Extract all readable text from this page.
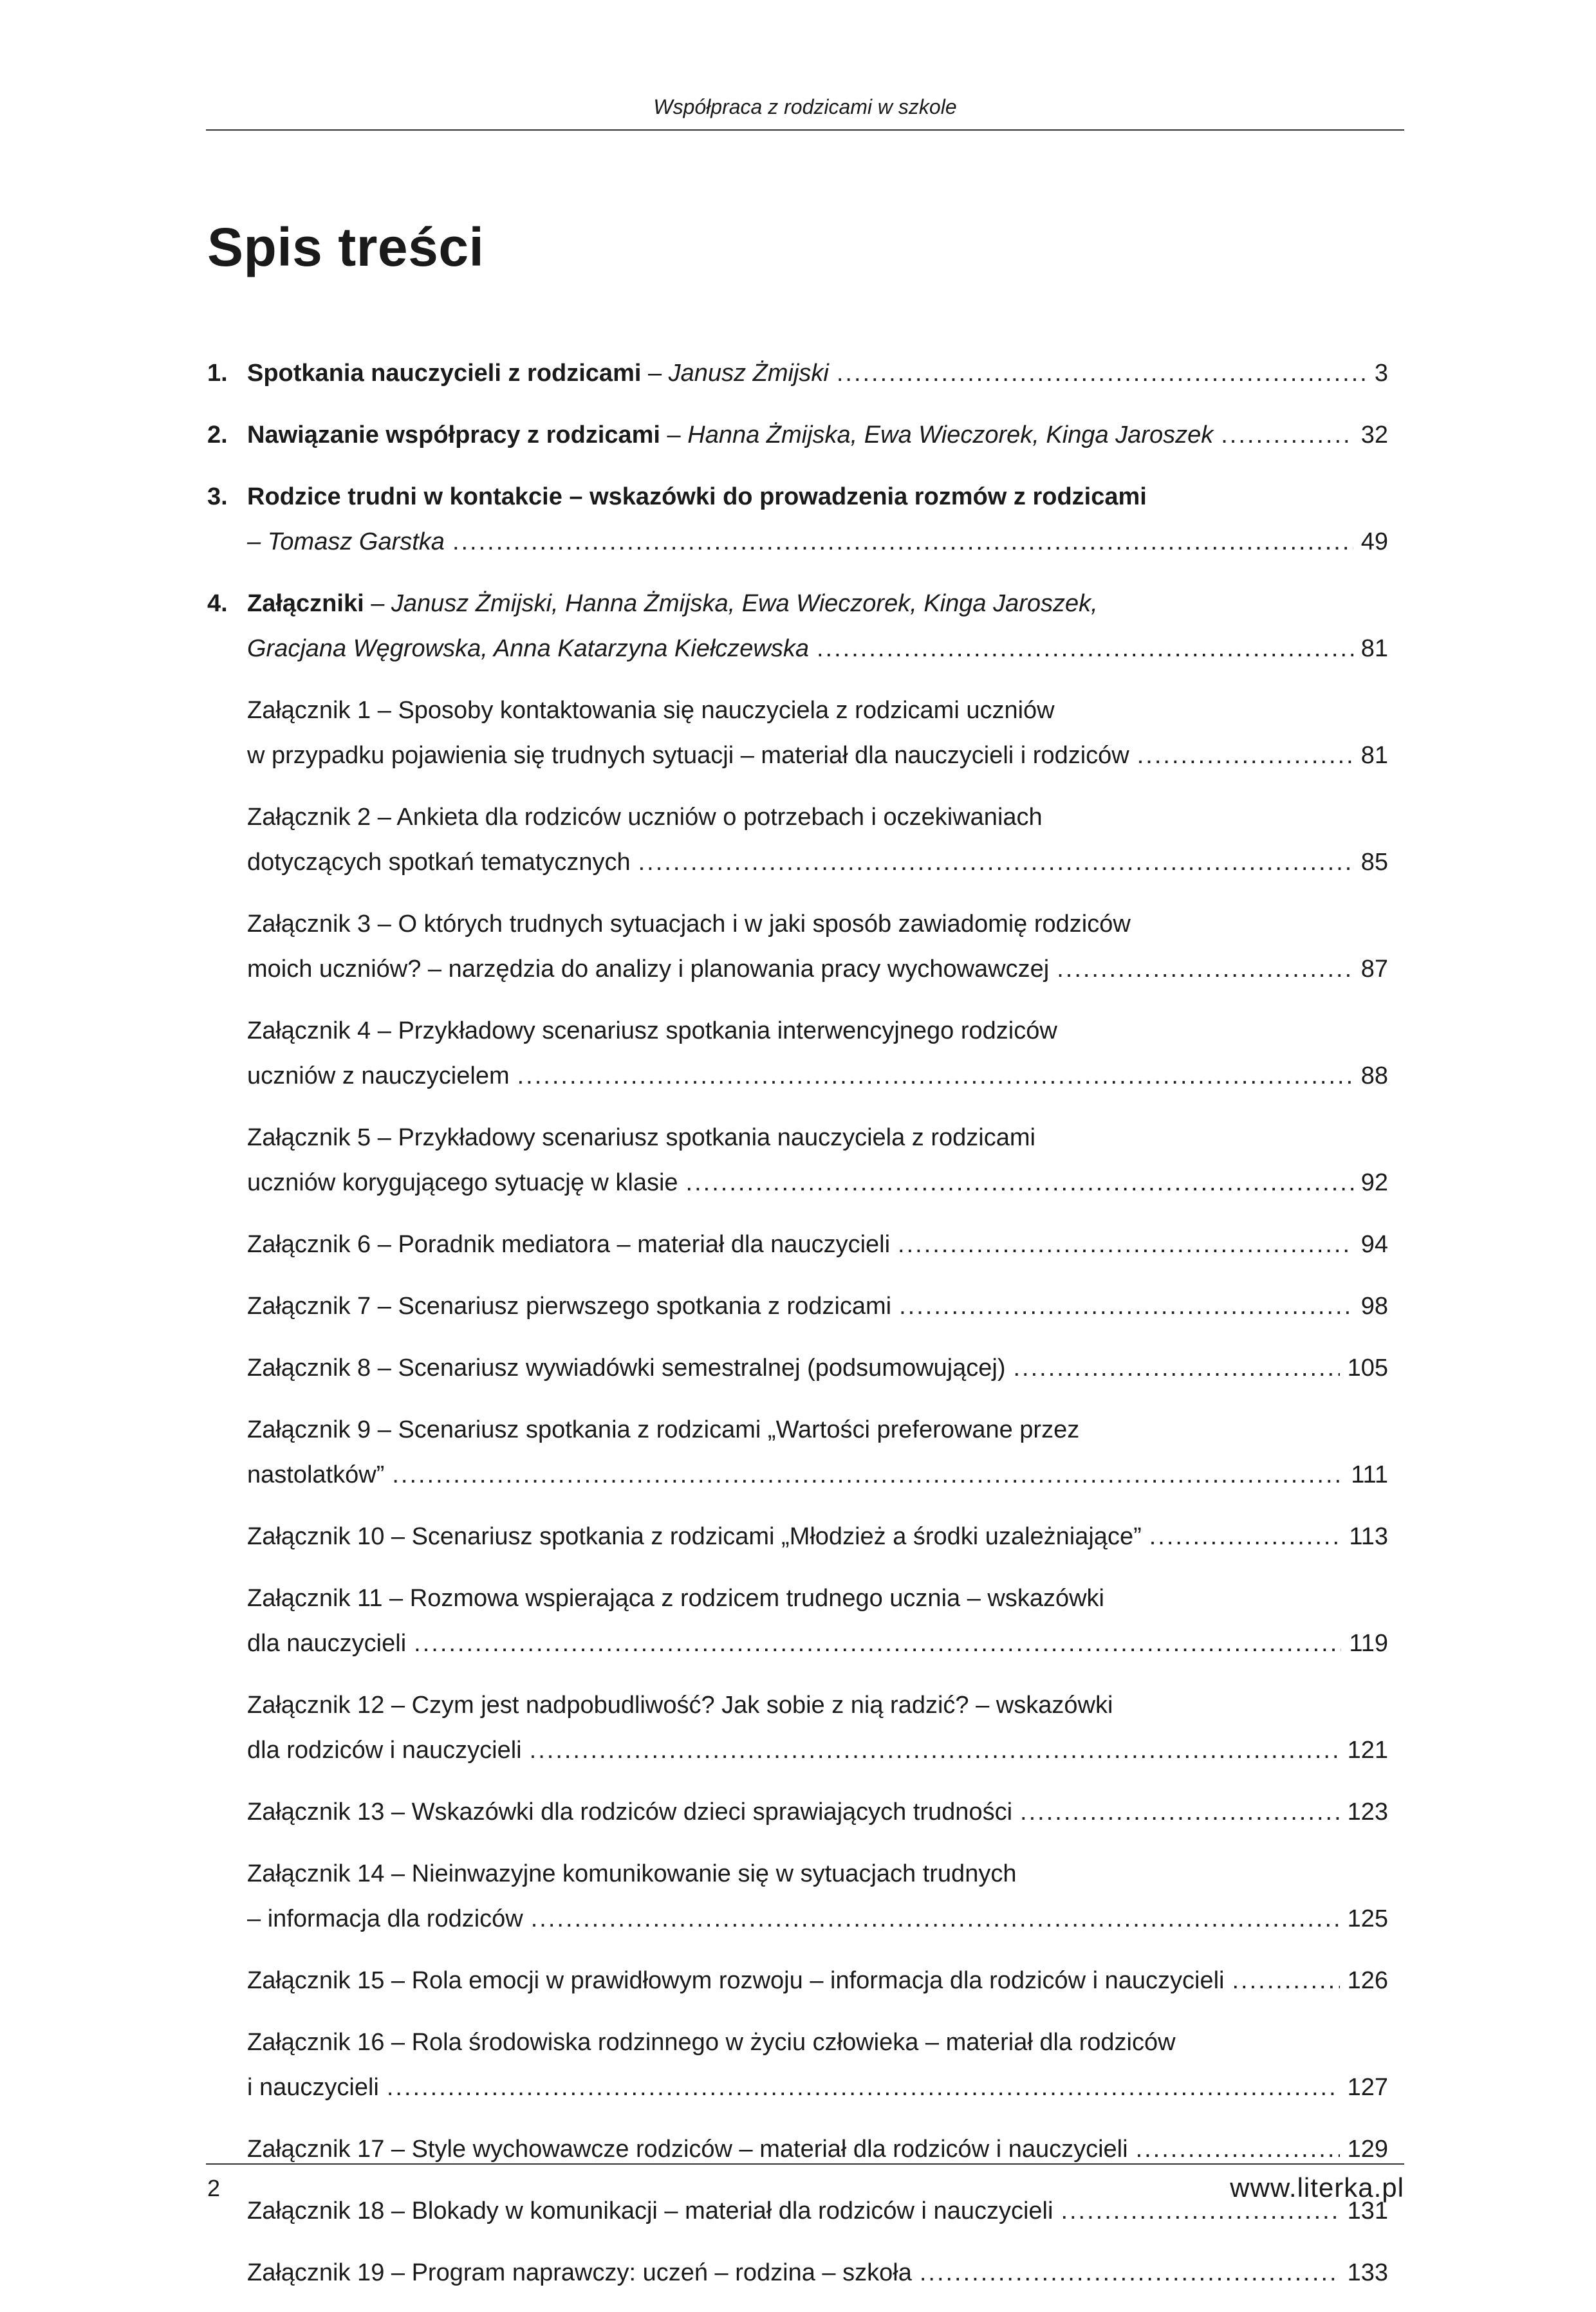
Współpraca z rodzicami w szkole
Spis treści
1. Spotkania nauczycieli z rodzicami – Janusz Żmijski .....	3
2. Nawiązanie współpracy z rodzicami – Hanna Żmijska, Ewa Wieczorek, Kinga Jaroszek .....	32
3. Rodzice trudni w kontakcie – wskazówki do prowadzenia rozmów z rodzicami
– Tomasz Garstka .....	49
4. Załączniki – Janusz Żmijski, Hanna Żmijska, Ewa Wieczorek, Kinga Jaroszek,
Gracjana Węgrowska, Anna Katarzyna Kiełczewska .....	81
Załącznik 1 – Sposoby kontaktowania się nauczyciela z rodzicami uczniów
w przypadku pojawienia się trudnych sytuacji – materiał dla nauczycieli i rodziców .....	81
Załącznik 2 – Ankieta dla rodziców uczniów o potrzebach i oczekiwaniach
dotyczących spotkań tematycznych .....	85
Załącznik 3 – O których trudnych sytuacjach i w jaki sposób zawiadomię rodziców
moich uczniów? – narzędzia do analizy i planowania pracy wychowawczej .....	87
Załącznik 4 – Przykładowy scenariusz spotkania interwencyjnego rodziców
uczniów z nauczycielem .....	88
Załącznik 5 – Przykładowy scenariusz spotkania nauczyciela z rodzicami
uczniów korygującego sytuację w klasie .....	92
Załącznik 6 – Poradnik mediatora – materiał dla nauczycieli .....	94
Załącznik 7 – Scenariusz pierwszego spotkania z rodzicami .....	98
Załącznik 8 – Scenariusz wywiadówki semestralnej (podsumowującej) .....	105
Załącznik 9 – Scenariusz spotkania z rodzicami „Wartości preferowane przez
nastolatków” .....	111
Załącznik 10 – Scenariusz spotkania z rodzicami „Młodzież a środki uzależniające” .....	113
Załącznik 11 – Rozmowa wspierająca z rodzicem trudnego ucznia – wskazówki
dla nauczycieli .....	119
Załącznik 12 – Czym jest nadpobudliwość? Jak sobie z nią radzić? – wskazówki
dla rodziców i nauczycieli .....	121
Załącznik 13 – Wskazówki dla rodziców dzieci sprawiających trudności .....	123
Załącznik 14 – Nieinwazyjne komunikowanie się w sytuacjach trudnych
– informacja dla rodziców .....	125
Załącznik 15 – Rola emocji w prawidłowym rozwoju – informacja dla rodziców i nauczycieli .....	126
Załącznik 16 – Rola środowiska rodzinnego w życiu człowieka – materiał dla rodziców
i nauczycieli .....	127
Załącznik 17 – Style wychowawcze rodziców – materiał dla rodziców i nauczycieli .....	129
Załącznik 18 – Blokady w komunikacji – materiał dla rodziców i nauczycieli .....	131
Załącznik 19 – Program naprawczy: uczeń – rodzina – szkoła .....	133
2	www.literka.pl
